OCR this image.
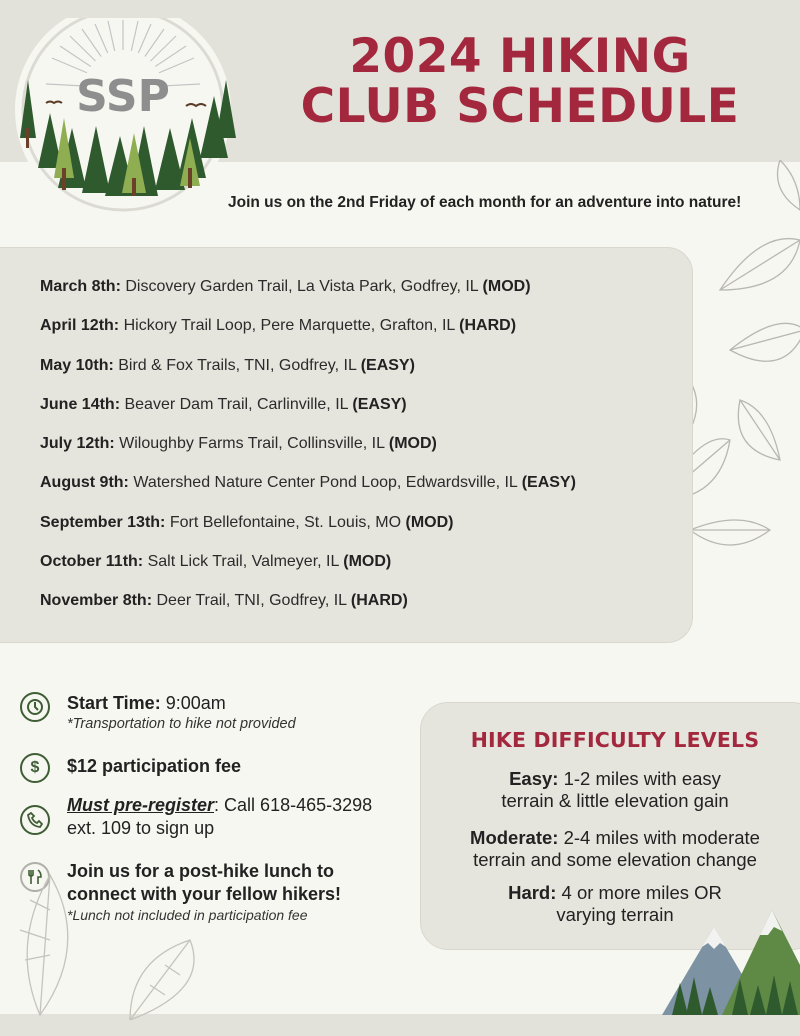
SSP
2024 HIKING
CLUB SCHEDULE
Join us on the 2nd Friday of each month for an adventure into nature!
March 8th: Discovery Garden Trail, La Vista Park, Godfrey, IL (MOD)
April 12th: Hickory Trail Loop, Pere Marquette, Grafton, IL (HARD)
May 10th: Bird & Fox Trails, TNI, Godfrey, IL (EASY)
June 14th: Beaver Dam Trail, Carlinville, IL (EASY)
July 12th: Wiloughby Farms Trail, Collinsville, IL (MOD)
August 9th: Watershed Nature Center Pond Loop, Edwardsville, IL (EASY)
September 13th: Fort Bellefontaine, St. Louis, MO (MOD)
October 11th: Salt Lick Trail, Valmeyer, IL (MOD)
November 8th: Deer Trail, TNI, Godfrey, IL (HARD)
Start Time: 9:00am
*Transportation to hike not provided
$ $12 participation fee
Must pre-register: Call 618-465-3298
ext. 109 to sign up
Join us for a post-hike lunch to
connect with your fellow hikers!
*Lunch not included in participation fee
HIKE DIFFICULTY LEVELS
Easy: 1-2 miles with easy
terrain & little elevation gain
Moderate: 2-4 miles with moderate
terrain and some elevation change
Hard: 4 or more miles OR
varying terrain
